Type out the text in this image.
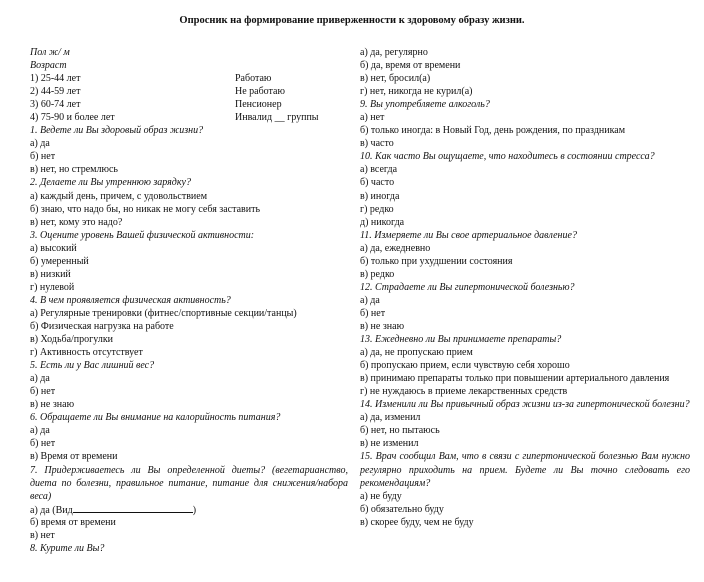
Опросник на формирование приверженности к здоровому образу жизни.
Пол ж/ м
Возраст
1) 25-44 лет	Работаю
2) 44-59 лет	Не работаю
3) 60-74 лет	Пенсионер
4) 75-90 и более лет	Инвалид __ группы
1. Ведете ли Вы здоровый образ жизни?
а) да
б) нет
в) нет, но стремлюсь
2. Делаете ли Вы утреннюю зарядку?
а) каждый день, причем, с удовольствием
б) знаю, что надо бы, но никак не могу себя заставить
в) нет, кому это надо?
3. Оцените уровень Вашей физической активности:
а) высокий
б) умеренный
в) низкий
г) нулевой
4. В чем проявляется физическая активность?
а) Регулярные тренировки (фитнес/спортивные секции/танцы)
б) Физическая нагрузка на работе
в) Ходьба/прогулки
г) Активность отсутствует
5. Есть ли у Вас лишний вес?
а) да
б) нет
в) не знаю
6. Обращаете ли Вы внимание на калорийность питания?
а) да
б) нет
в) Время от времени
7. Придерживаетесь ли Вы определенной диеты? (вегетарианство, диета по болезни, правильное питание, питание для снижения/набора веса)
а) да (Вид	)
б) время от времени
в) нет
8. Курите ли Вы?
а) да, регулярно
б) да, время от времени
в) нет, бросил(а)
г) нет, никогда не курил(а)
9. Вы употребляете алкоголь?
а) нет
б) только иногда: в Новый Год, день рождения, по праздникам
в) часто
10. Как часто Вы ощущаете, что находитесь в состоянии стресса?
а) всегда
б) часто
в) иногда
г) редко
д) никогда
11. Измеряете ли Вы свое артериальное давление?
а) да, ежедневно
б) только при ухудшении состояния
в) редко
12. Страдаете ли Вы гипертонической болезнью?
а) да
б) нет
в) не знаю
13. Ежедневно ли Вы принимаете препараты?
а) да, не пропускаю прием
б) пропускаю прием, если чувствую себя хорошо
в) принимаю препараты только при повышении артериального давления
г) не нуждаюсь в приеме лекарственных средств
14. Изменили ли Вы привычный образ жизни из-за гипертонической болезни?
а) да, изменил
б) нет, но пытаюсь
в) не изменил
15. Врач сообщил Вам, что в связи с гипертонической болезнью Вам нужно регулярно приходить на прием. Будете ли Вы точно следовать его рекомендациям?
а) не буду
б) обязательно буду
в) скорее буду, чем не буду
